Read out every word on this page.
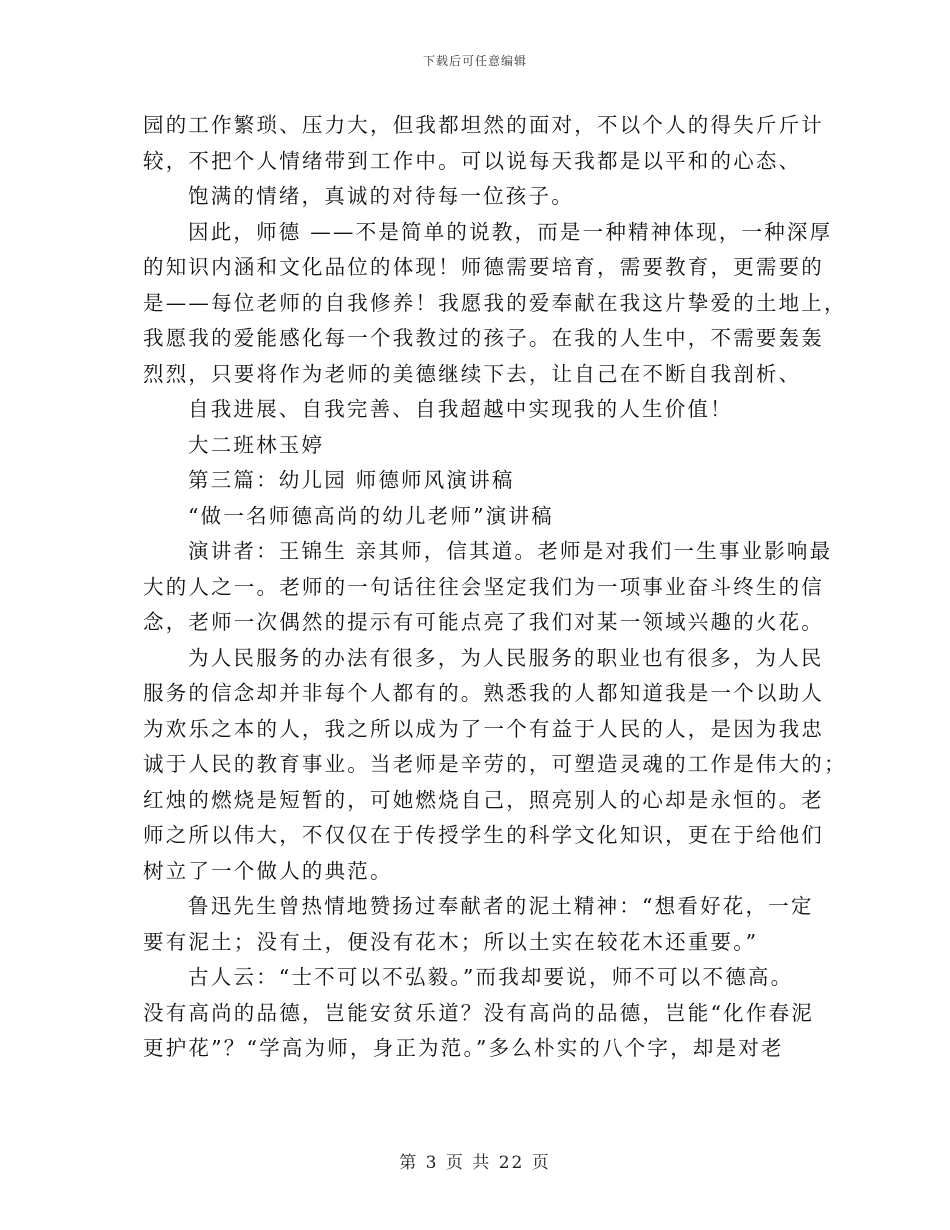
下载后可任意编辑
园的工作繁琐、压力大，但我都坦然的面对，不以个人的得失斤斤计
较，不把个人情绪带到工作中。可以说每天我都是以平和的心态、
饱满的情绪，真诚的对待每一位孩子。
因此，师德 ——不是简单的说教，而是一种精神体现，一种深厚
的知识内涵和文化品位的体现！师德需要培育，需要教育，更需要的
是——每位老师的自我修养！我愿我的爱奉献在我这片挚爱的土地上，
我愿我的爱能感化每一个我教过的孩子。在我的人生中，不需要轰轰
烈烈，只要将作为老师的美德继续下去，让自己在不断自我剖析、
自我进展、自我完善、自我超越中实现我的人生价值！
大二班林玉婷
第三篇：幼儿园 师德师风演讲稿
“做一名师德高尚的幼儿老师”演讲稿
演讲者：王锦生 亲其师，信其道。老师是对我们一生事业影响最
大的人之一。老师的一句话往往会坚定我们为一项事业奋斗终生的信
念，老师一次偶然的提示有可能点亮了我们对某一领域兴趣的火花。
为人民服务的办法有很多，为人民服务的职业也有很多，为人民
服务的信念却并非每个人都有的。熟悉我的人都知道我是一个以助人
为欢乐之本的人，我之所以成为了一个有益于人民的人，是因为我忠
诚于人民的教育事业。当老师是辛劳的，可塑造灵魂的工作是伟大的；
红烛的燃烧是短暂的，可她燃烧自己，照亮别人的心却是永恒的。老
师之所以伟大，不仅仅在于传授学生的科学文化知识，更在于给他们
树立了一个做人的典范。
鲁迅先生曾热情地赞扬过奉献者的泥土精神：“想看好花，一定
要有泥土；没有土，便没有花木；所以土实在较花木还重要。”
古人云：“士不可以不弘毅。”而我却要说，师不可以不德高。
没有高尚的品德，岂能安贫乐道？没有高尚的品德，岂能“化作春泥
更护花”？“学高为师，身正为范。”多么朴实的八个字，却是对老
第 3 页 共 22 页
